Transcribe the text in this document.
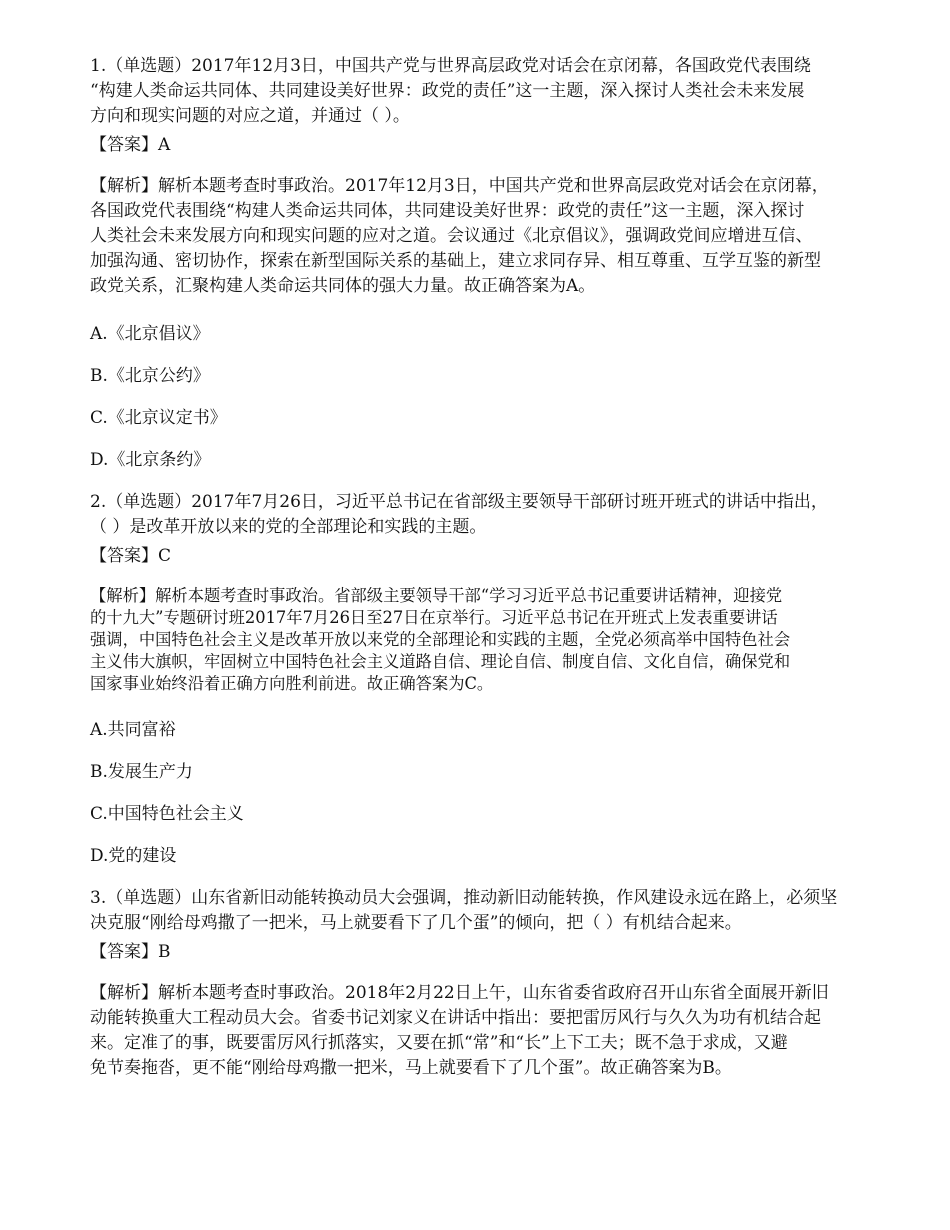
1.（单选题）2017年12月3日，中国共产党与世界高层政党对话会在京闭幕，各国政党代表围绕
“构建人类命运共同体、共同建设美好世界：政党的责任”这一主题，深入探讨人类社会未来发展
方向和现实问题的对应之道，并通过（ ）。
【答案】A
【解析】解析本题考查时事政治。2017年12月3日，中国共产党和世界高层政党对话会在京闭幕，
各国政党代表围绕“构建人类命运共同体，共同建设美好世界：政党的责任”这一主题，深入探讨
人类社会未来发展方向和现实问题的应对之道。会议通过《北京倡议》，强调政党间应增进互信、
加强沟通、密切协作，探索在新型国际关系的基础上，建立求同存异、相互尊重、互学互鉴的新型
政党关系，汇聚构建人类命运共同体的强大力量。故正确答案为A。
A.《北京倡议》
B.《北京公约》
C.《北京议定书》
D.《北京条约》
2.（单选题）2017年7月26日，习近平总书记在省部级主要领导干部研讨班开班式的讲话中指出，
（ ）是改革开放以来的党的全部理论和实践的主题。
【答案】C
【解析】解析本题考查时事政治。省部级主要领导干部“学习习近平总书记重要讲话精神，迎接党
的十九大”专题研讨班2017年7月26日至27日在京举行。习近平总书记在开班式上发表重要讲话
强调，中国特色社会主义是改革开放以来党的全部理论和实践的主题，全党必须高举中国特色社会
主义伟大旗帜，牢固树立中国特色社会主义道路自信、理论自信、制度自信、文化自信，确保党和
国家事业始终沿着正确方向胜利前进。故正确答案为C。
A.共同富裕
B.发展生产力
C.中国特色社会主义
D.党的建设
3.（单选题）山东省新旧动能转换动员大会强调，推动新旧动能转换，作风建设永远在路上，必须坚
决克服“刚给母鸡撒了一把米，马上就要看下了几个蛋”的倾向，把（ ）有机结合起来。
【答案】B
【解析】解析本题考查时事政治。2018年2月22日上午，山东省委省政府召开山东省全面展开新旧
动能转换重大工程动员大会。省委书记刘家义在讲话中指出：要把雷厉风行与久久为功有机结合起
来。定准了的事，既要雷厉风行抓落实，又要在抓“常”和“长”上下工夫；既不急于求成，又避
免节奏拖沓，更不能“刚给母鸡撒一把米，马上就要看下了几个蛋”。故正确答案为B。
